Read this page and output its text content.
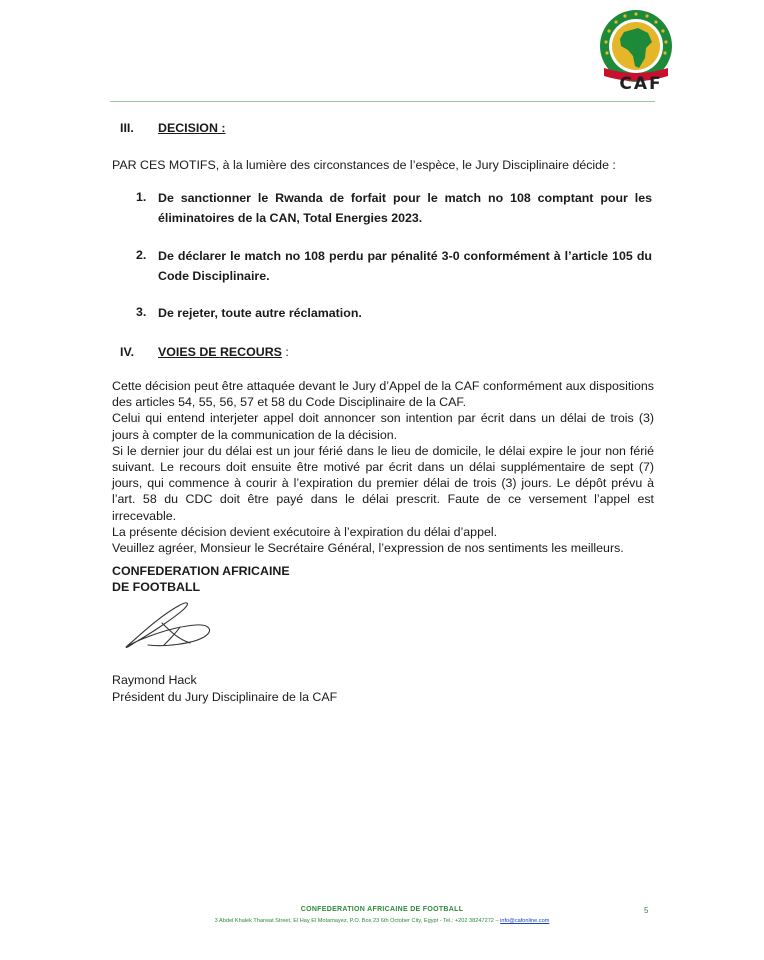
CAF
III. DECISION :
PAR CES MOTIFS, à la lumière des circonstances de l’espèce, le Jury Disciplinaire décide :
1. De sanctionner le Rwanda de forfait pour le match no 108 comptant pour les éliminatoires de la CAN, Total Energies 2023.
2. De déclarer le match no 108 perdu par pénalité 3-0 conformément à l’article 105 du Code Disciplinaire.
3. De rejeter, toute autre réclamation.
IV. VOIES DE RECOURS :

Cette décision peut être attaquée devant le Jury d’Appel de la CAF conformément aux dispositions des articles 54, 55, 56, 57 et 58 du Code Disciplinaire de la CAF.

Celui qui entend interjeter appel doit annoncer son intention par écrit dans un délai de trois (3) jours à compter de la communication de la décision.

Si le dernier jour du délai est un jour férié dans le lieu de domicile, le délai expire le jour non férié suivant. Le recours doit ensuite être motivé par écrit dans un délai supplémentaire de sept (7) jours, qui commence à courir à l’expiration du premier délai de trois (3) jours. Le dépôt prévu à l’art. 58 du CDC doit être payé dans le délai prescrit. Faute de ce versement l’appel est irrecevable.

La présente décision devient exécutoire à l’expiration du délai d’appel.

Veuillez agréer, Monsieur le Secrétaire Général, l’expression de nos sentiments les meilleurs.

CONFEDERATION AFRICAINE
DE FOOTBALL
Raymond Hack
Président du Jury Disciplinaire de la CAF
CONFEDERATION AFRICAINE DE FOOTBALL
3 Abdel Khalek Tharwat Street, El Hay El Motamayez, P.O. Box 23 6th October City, Egypt - Tel.: +202 38247272 – info@cafonline.com
5
